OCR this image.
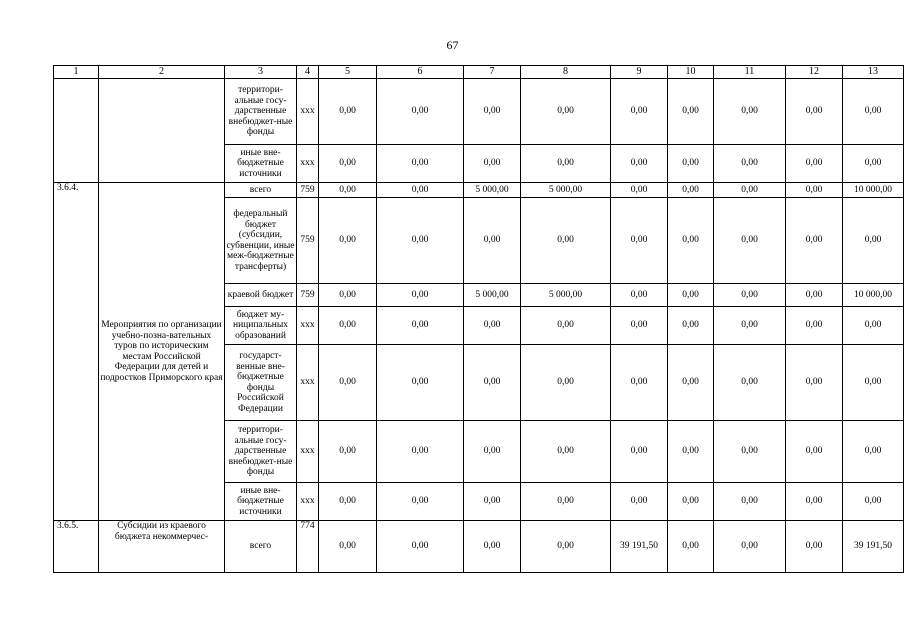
67
1	2	3	4	5	6	7	8	9	10	11	12	13
		территори-альные госу-дарственные внебюджет-ные фонды	ххх	0,00	0,00	0,00	0,00	0,00	0,00	0,00	0,00	0,00
		иные вне-бюджетные источники	ххх	0,00	0,00	0,00	0,00	0,00	0,00	0,00	0,00	0,00
3.6.4.	Мероприятия по организации учебно-позна-вательных туров по историческим местам Российской Федерации для детей и подростков Приморского края	всего	759	0,00	0,00	5 000,00	5 000,00	0,00	0,00	0,00	0,00	10 000,00
		федеральный бюджет (субсидии, субвенции, иные меж-бюджетные трансферты)	759	0,00	0,00	0,00	0,00	0,00	0,00	0,00	0,00	0,00
		краевой бюджет	759	0,00	0,00	5 000,00	5 000,00	0,00	0,00	0,00	0,00	10 000,00
		бюджет му-ниципальных образований	ххх	0,00	0,00	0,00	0,00	0,00	0,00	0,00	0,00	0,00
		государст-венные вне-бюджетные фонды Российской Федерации	ххх	0,00	0,00	0,00	0,00	0,00	0,00	0,00	0,00	0,00
		территори-альные госу-дарственные внебюджет-ные фонды	ххх	0,00	0,00	0,00	0,00	0,00	0,00	0,00	0,00	0,00
		иные вне-бюджетные источники	ххх	0,00	0,00	0,00	0,00	0,00	0,00	0,00	0,00	0,00
3.6.5.	Субсидии из краевого бюджета некоммерчес-	всего	774	0,00	0,00	0,00	0,00	39 191,50	0,00	0,00	0,00	39 191,50
